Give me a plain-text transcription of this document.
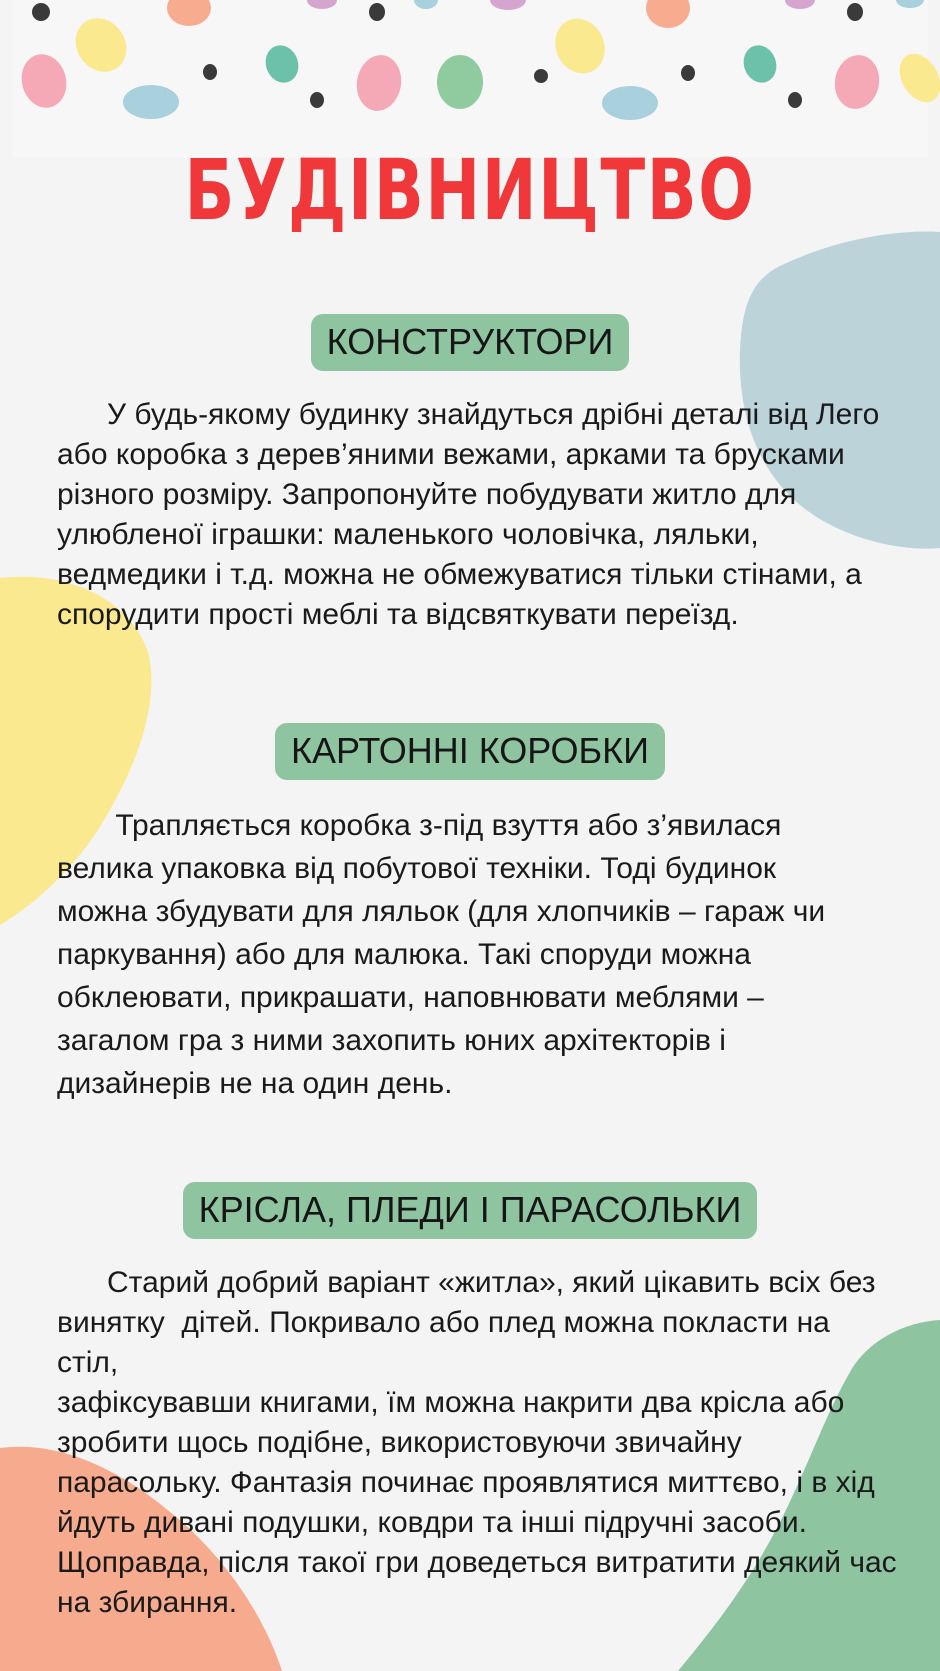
БУДІВНИЦТВО
КОНСТРУКТОРИ
У будь-якому будинку знайдуться дрібні деталі від Лего
або коробка з дерев’яними вежами, арками та брусками
різного розміру. Запропонуйте побудувати житло для
улюбленої іграшки: маленького чоловічка, ляльки,
ведмедики і т.д. можна не обмежуватися тільки стінами, а
спорудити прості меблі та відсвяткувати переїзд.
КАРТОННІ КОРОБКИ
Трапляється коробка з-під взуття або з’явилася
велика упаковка від побутової техніки. Тоді будинок
можна збудувати для ляльок (для хлопчиків – гараж чи
паркування) або для малюка. Такі споруди можна
обклеювати, прикрашати, наповнювати меблями –
загалом гра з ними захопить юних архітекторів і
дизайнерів не на один день.
КРІСЛА, ПЛЕДИ І ПАРАСОЛЬКИ
Старий добрий варіант «житла», який цікавить всіх без
винятку  дітей. Покривало або плед можна покласти на стіл,
зафіксувавши книгами, їм можна накрити два крісла або
зробити щось подібне, використовуючи звичайну
парасольку. Фантазія починає проявлятися миттєво, і в хід
йдуть дивані подушки, ковдри та інші підручні засоби.
Щоправда, після такої гри доведеться витратити деякий час
на збирання.
